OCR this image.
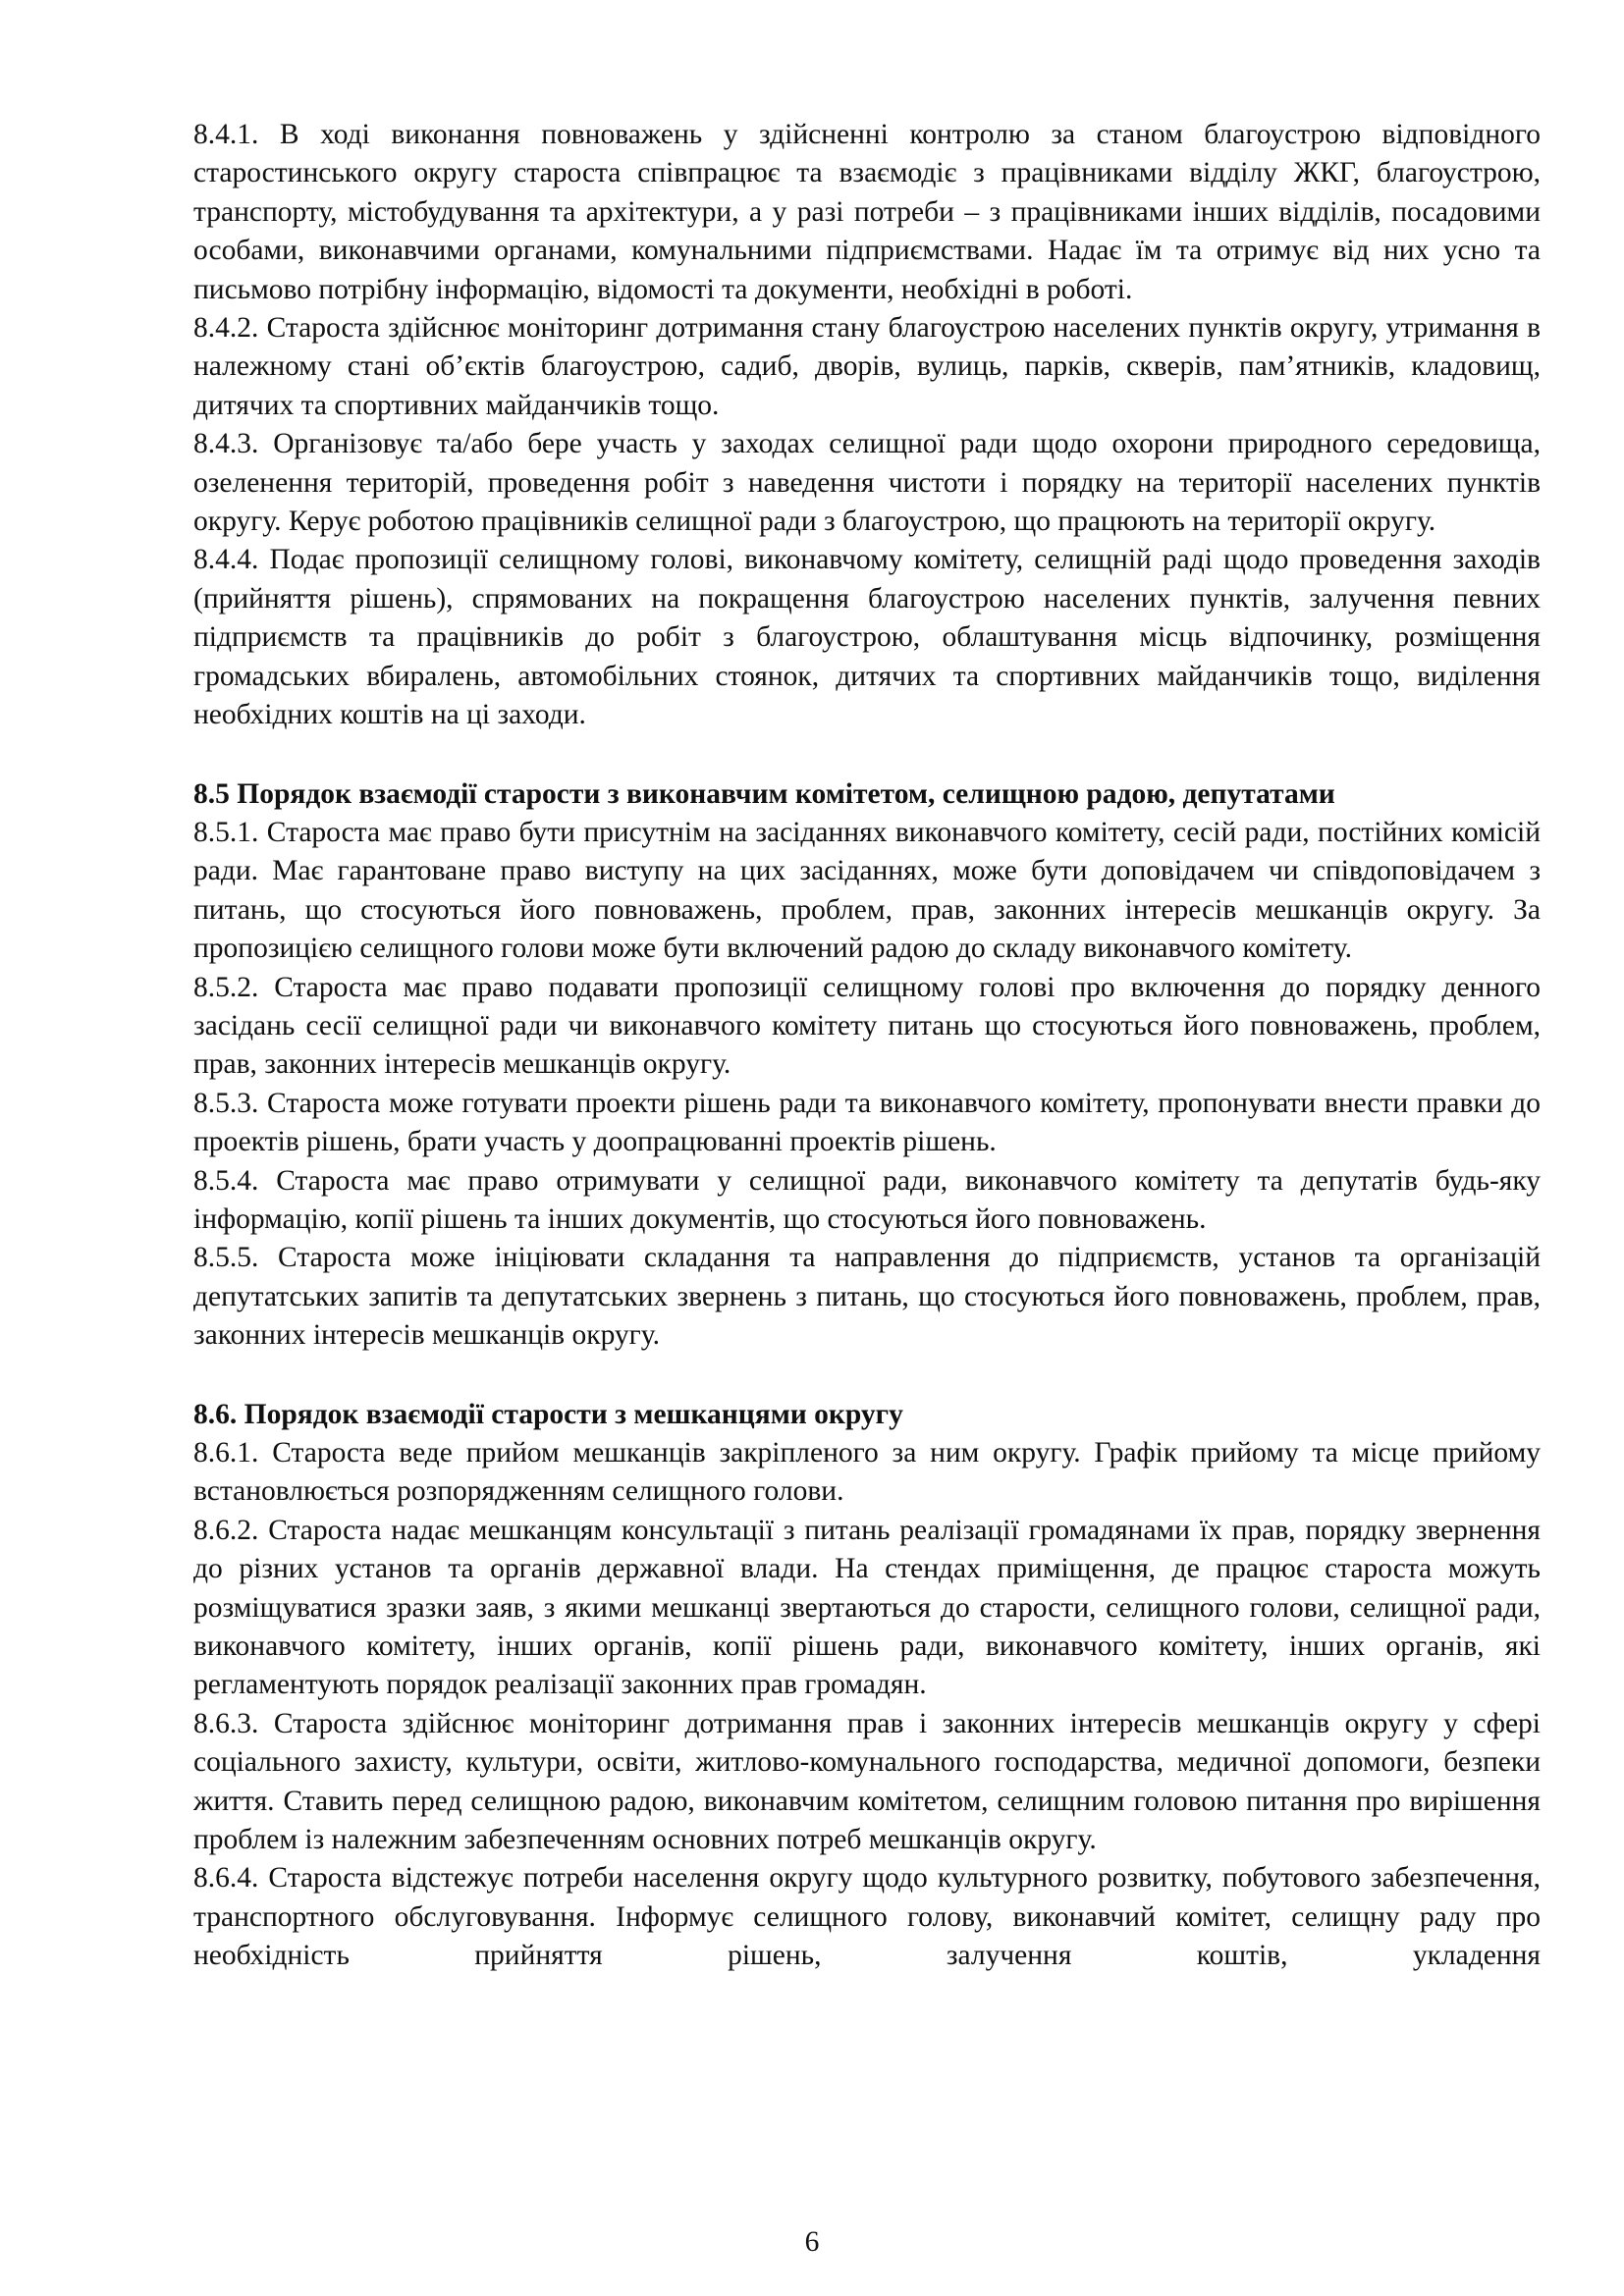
8.4.1. В ході виконання повноважень у здійсненні контролю за станом благоустрою відповідного старостинського округу староста співпрацює та взаємодіє з працівниками відділу ЖКГ, благоустрою, транспорту, містобудування та архітектури, а у разі потреби – з працівниками інших відділів, посадовими особами, виконавчими органами, комунальними підприємствами. Надає їм та отримує від них усно та письмово потрібну інформацію, відомості та документи, необхідні в роботі.

8.4.2. Староста здійснює моніторинг дотримання стану благоустрою населених пунктів округу, утримання в належному стані об’єктів благоустрою, садиб, дворів, вулиць, парків, скверів, пам’ятників, кладовищ, дитячих та спортивних майданчиків тощо.

8.4.3. Організовує та/або бере участь у заходах селищної ради щодо охорони природного середовища, озеленення територій, проведення робіт з наведення чистоти і порядку на території населених пунктів округу. Керує роботою працівників селищної ради з благоустрою, що працюють на території округу.

8.4.4. Подає пропозиції селищному голові, виконавчому комітету, селищній раді щодо проведення заходів (прийняття рішень), спрямованих на покращення благоустрою населених пунктів, залучення певних підприємств та працівників до робіт з благоустрою, облаштування місць відпочинку, розміщення громадських вбиралень, автомобільних стоянок, дитячих та спортивних майданчиків тощо, виділення необхідних коштів на ці заходи.

8.5 Порядок взаємодії старости з виконавчим комітетом, селищною радою, депутатами

8.5.1. Староста має право бути присутнім на засіданнях виконавчого комітету, сесій ради, постійних комісій ради. Має гарантоване право виступу на цих засіданнях, може бути доповідачем чи співдоповідачем з питань, що стосуються його повноважень, проблем, прав, законних інтересів мешканців округу. За пропозицією селищного голови може бути включений радою до складу виконавчого комітету.

8.5.2. Староста має право подавати пропозиції селищному голові про включення до порядку денного засідань сесії селищної ради чи виконавчого комітету питань що стосуються його повноважень, проблем, прав, законних інтересів мешканців округу.

8.5.3. Староста може готувати проекти рішень ради та виконавчого комітету, пропонувати внести правки до проектів рішень, брати участь у доопрацюванні проектів рішень.

8.5.4. Староста має право отримувати у селищної ради, виконавчого комітету та депутатів будь-яку інформацію, копії рішень та інших документів, що стосуються його повноважень.

8.5.5. Староста може ініціювати складання та направлення до підприємств, установ та організацій депутатських запитів та депутатських звернень з питань, що стосуються його повноважень, проблем, прав, законних інтересів мешканців округу.

8.6. Порядок взаємодії старости з мешканцями округу

8.6.1. Староста веде прийом мешканців закріпленого за ним округу. Графік прийому та місце прийому встановлюється розпорядженням селищного голови.

8.6.2. Староста надає мешканцям консультації з питань реалізації громадянами їх прав, порядку звернення до різних установ та органів державної влади. На стендах приміщення, де працює староста можуть розміщуватися зразки заяв, з якими мешканці звертаються до старости, селищного голови, селищної ради, виконавчого комітету, інших органів, копії рішень ради, виконавчого комітету, інших органів, які регламентують порядок реалізації законних прав громадян.

8.6.3. Староста здійснює моніторинг дотримання прав і законних інтересів мешканців округу у сфері соціального захисту, культури, освіти, житлово-комунального господарства, медичної допомоги, безпеки життя. Ставить перед селищною радою, виконавчим комітетом, селищним головою питання про вирішення проблем із належним забезпеченням основних потреб мешканців округу.

8.6.4. Староста відстежує потреби населення округу щодо культурного розвитку, побутового забезпечення, транспортного обслуговування. Інформує селищного голову, виконавчий комітет, селищну раду про необхідність прийняття рішень, залучення коштів, укладення

6
